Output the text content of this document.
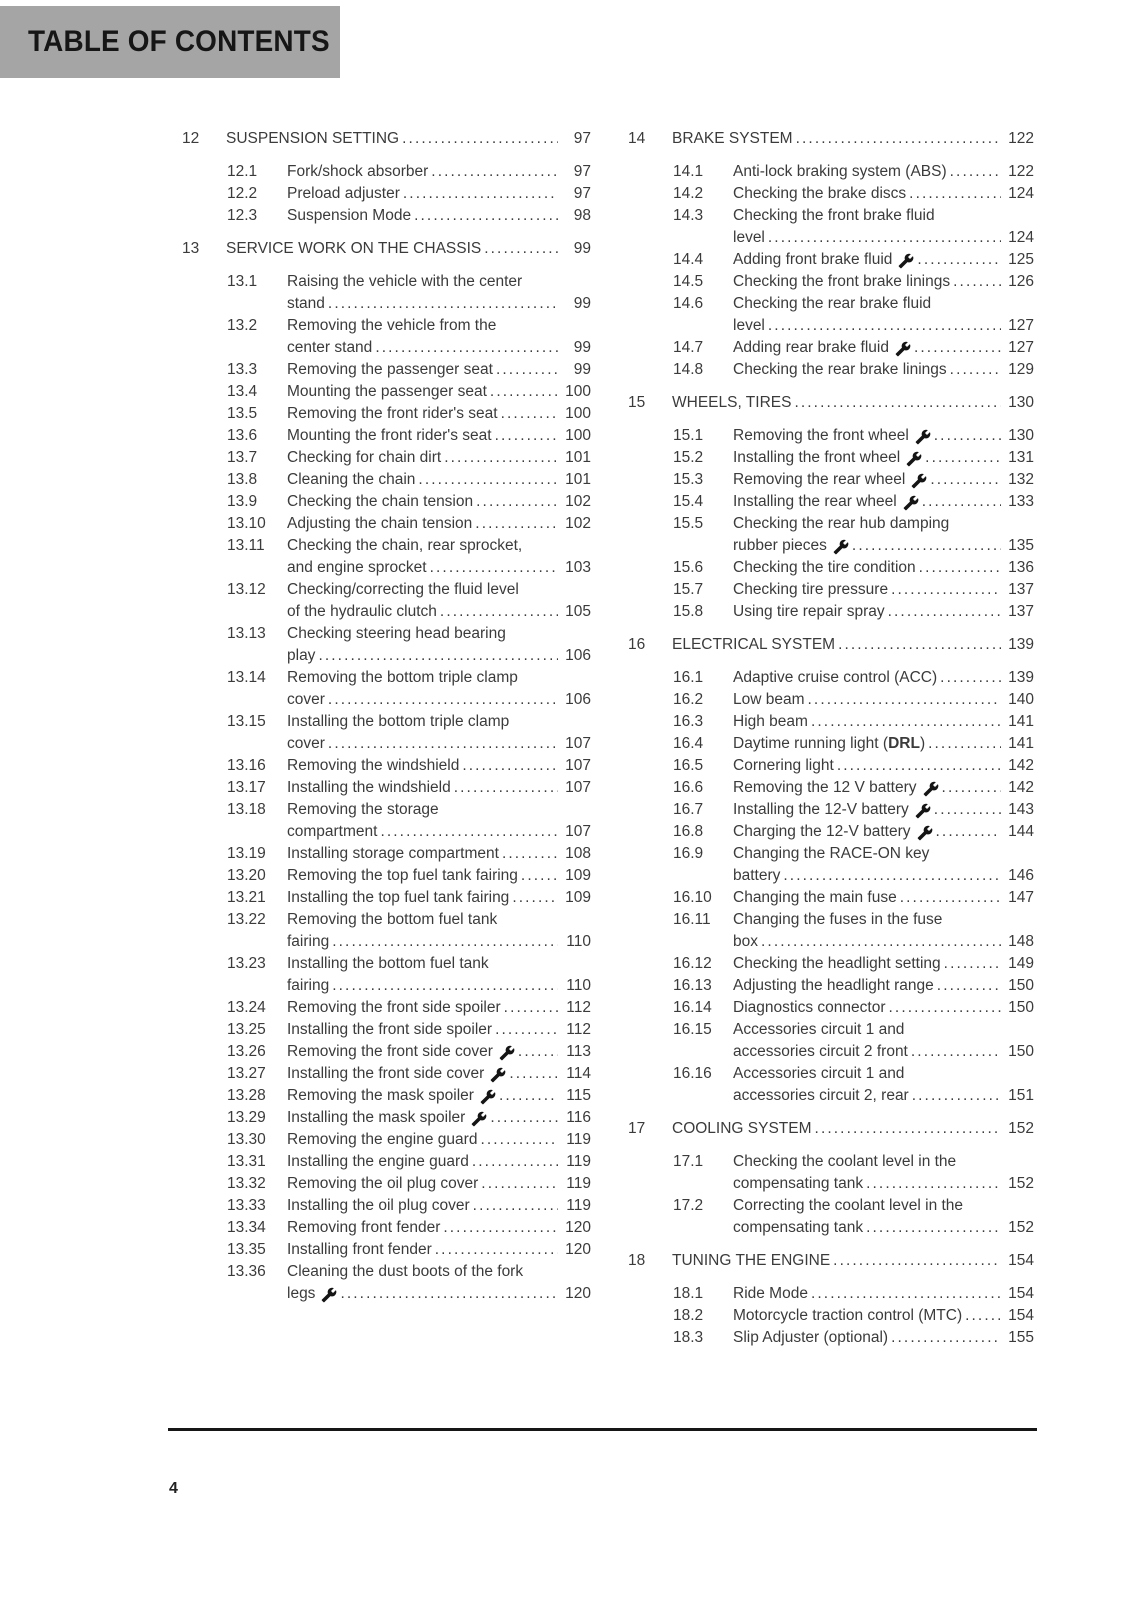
TABLE OF CONTENTS
12	SUSPENSION SETTING .....	97
12.1	Fork/shock absorber .....	97
12.2	Preload adjuster .....	97
12.3	Suspension Mode .....	98
13	SERVICE WORK ON THE CHASSIS .....	99
13.1	Raising the vehicle with the center
stand .....	99
13.2	Removing the vehicle from the
center stand .....	99
13.3	Removing the passenger seat .....	99
13.4	Mounting the passenger seat .....	100
13.5	Removing the front rider's seat .....	100
13.6	Mounting the front rider's seat .....	100
13.7	Checking for chain dirt .....	101
13.8	Cleaning the chain .....	101
13.9	Checking the chain tension .....	102
13.10	Adjusting the chain tension .....	102
13.11	Checking the chain, rear sprocket,
and engine sprocket .....	103
13.12	Checking/correcting the fluid level
of the hydraulic clutch .....	105
13.13	Checking steering head bearing
play .....	106
13.14	Removing the bottom triple clamp
cover .....	106
13.15	Installing the bottom triple clamp
cover .....	107
13.16	Removing the windshield .....	107
13.17	Installing the windshield .....	107
13.18	Removing the storage
compartment .....	107
13.19	Installing storage compartment .....	108
13.20	Removing the top fuel tank fairing .....	109
13.21	Installing the top fuel tank fairing .....	109
13.22	Removing the bottom fuel tank
fairing .....	110
13.23	Installing the bottom fuel tank
fairing .....	110
13.24	Removing the front side spoiler .....	112
13.25	Installing the front side spoiler .....	112
13.26	Removing the front side cover .....	113
13.27	Installing the front side cover .....	114
13.28	Removing the mask spoiler .....	115
13.29	Installing the mask spoiler .....	116
13.30	Removing the engine guard .....	119
13.31	Installing the engine guard .....	119
13.32	Removing the oil plug cover .....	119
13.33	Installing the oil plug cover .....	119
13.34	Removing front fender .....	120
13.35	Installing front fender .....	120
13.36	Cleaning the dust boots of the fork
legs .....	120
14	BRAKE SYSTEM .....	122
14.1	Anti-lock braking system (ABS) .....	122
14.2	Checking the brake discs .....	124
14.3	Checking the front brake fluid
level .....	124
14.4	Adding front brake fluid .....	125
14.5	Checking the front brake linings .....	126
14.6	Checking the rear brake fluid
level .....	127
14.7	Adding rear brake fluid .....	127
14.8	Checking the rear brake linings .....	129
15	WHEELS, TIRES .....	130
15.1	Removing the front wheel .....	130
15.2	Installing the front wheel .....	131
15.3	Removing the rear wheel .....	132
15.4	Installing the rear wheel .....	133
15.5	Checking the rear hub damping
rubber pieces .....	135
15.6	Checking the tire condition .....	136
15.7	Checking tire pressure .....	137
15.8	Using tire repair spray .....	137
16	ELECTRICAL SYSTEM .....	139
16.1	Adaptive cruise control (ACC) .....	139
16.2	Low beam .....	140
16.3	High beam .....	141
16.4	Daytime running light (DRL) .....	141
16.5	Cornering light .....	142
16.6	Removing the 12 V battery .....	142
16.7	Installing the 12-V battery .....	143
16.8	Charging the 12-V battery .....	144
16.9	Changing the RACE-ON key
battery .....	146
16.10	Changing the main fuse .....	147
16.11	Changing the fuses in the fuse
box .....	148
16.12	Checking the headlight setting .....	149
16.13	Adjusting the headlight range .....	150
16.14	Diagnostics connector .....	150
16.15	Accessories circuit 1 and
accessories circuit 2 front .....	150
16.16	Accessories circuit 1 and
accessories circuit 2, rear .....	151
17	COOLING SYSTEM .....	152
17.1	Checking the coolant level in the
compensating tank .....	152
17.2	Correcting the coolant level in the
compensating tank .....	152
18	TUNING THE ENGINE .....	154
18.1	Ride Mode .....	154
18.2	Motorcycle traction control (MTC) .....	154
18.3	Slip Adjuster (optional) .....	155
4
